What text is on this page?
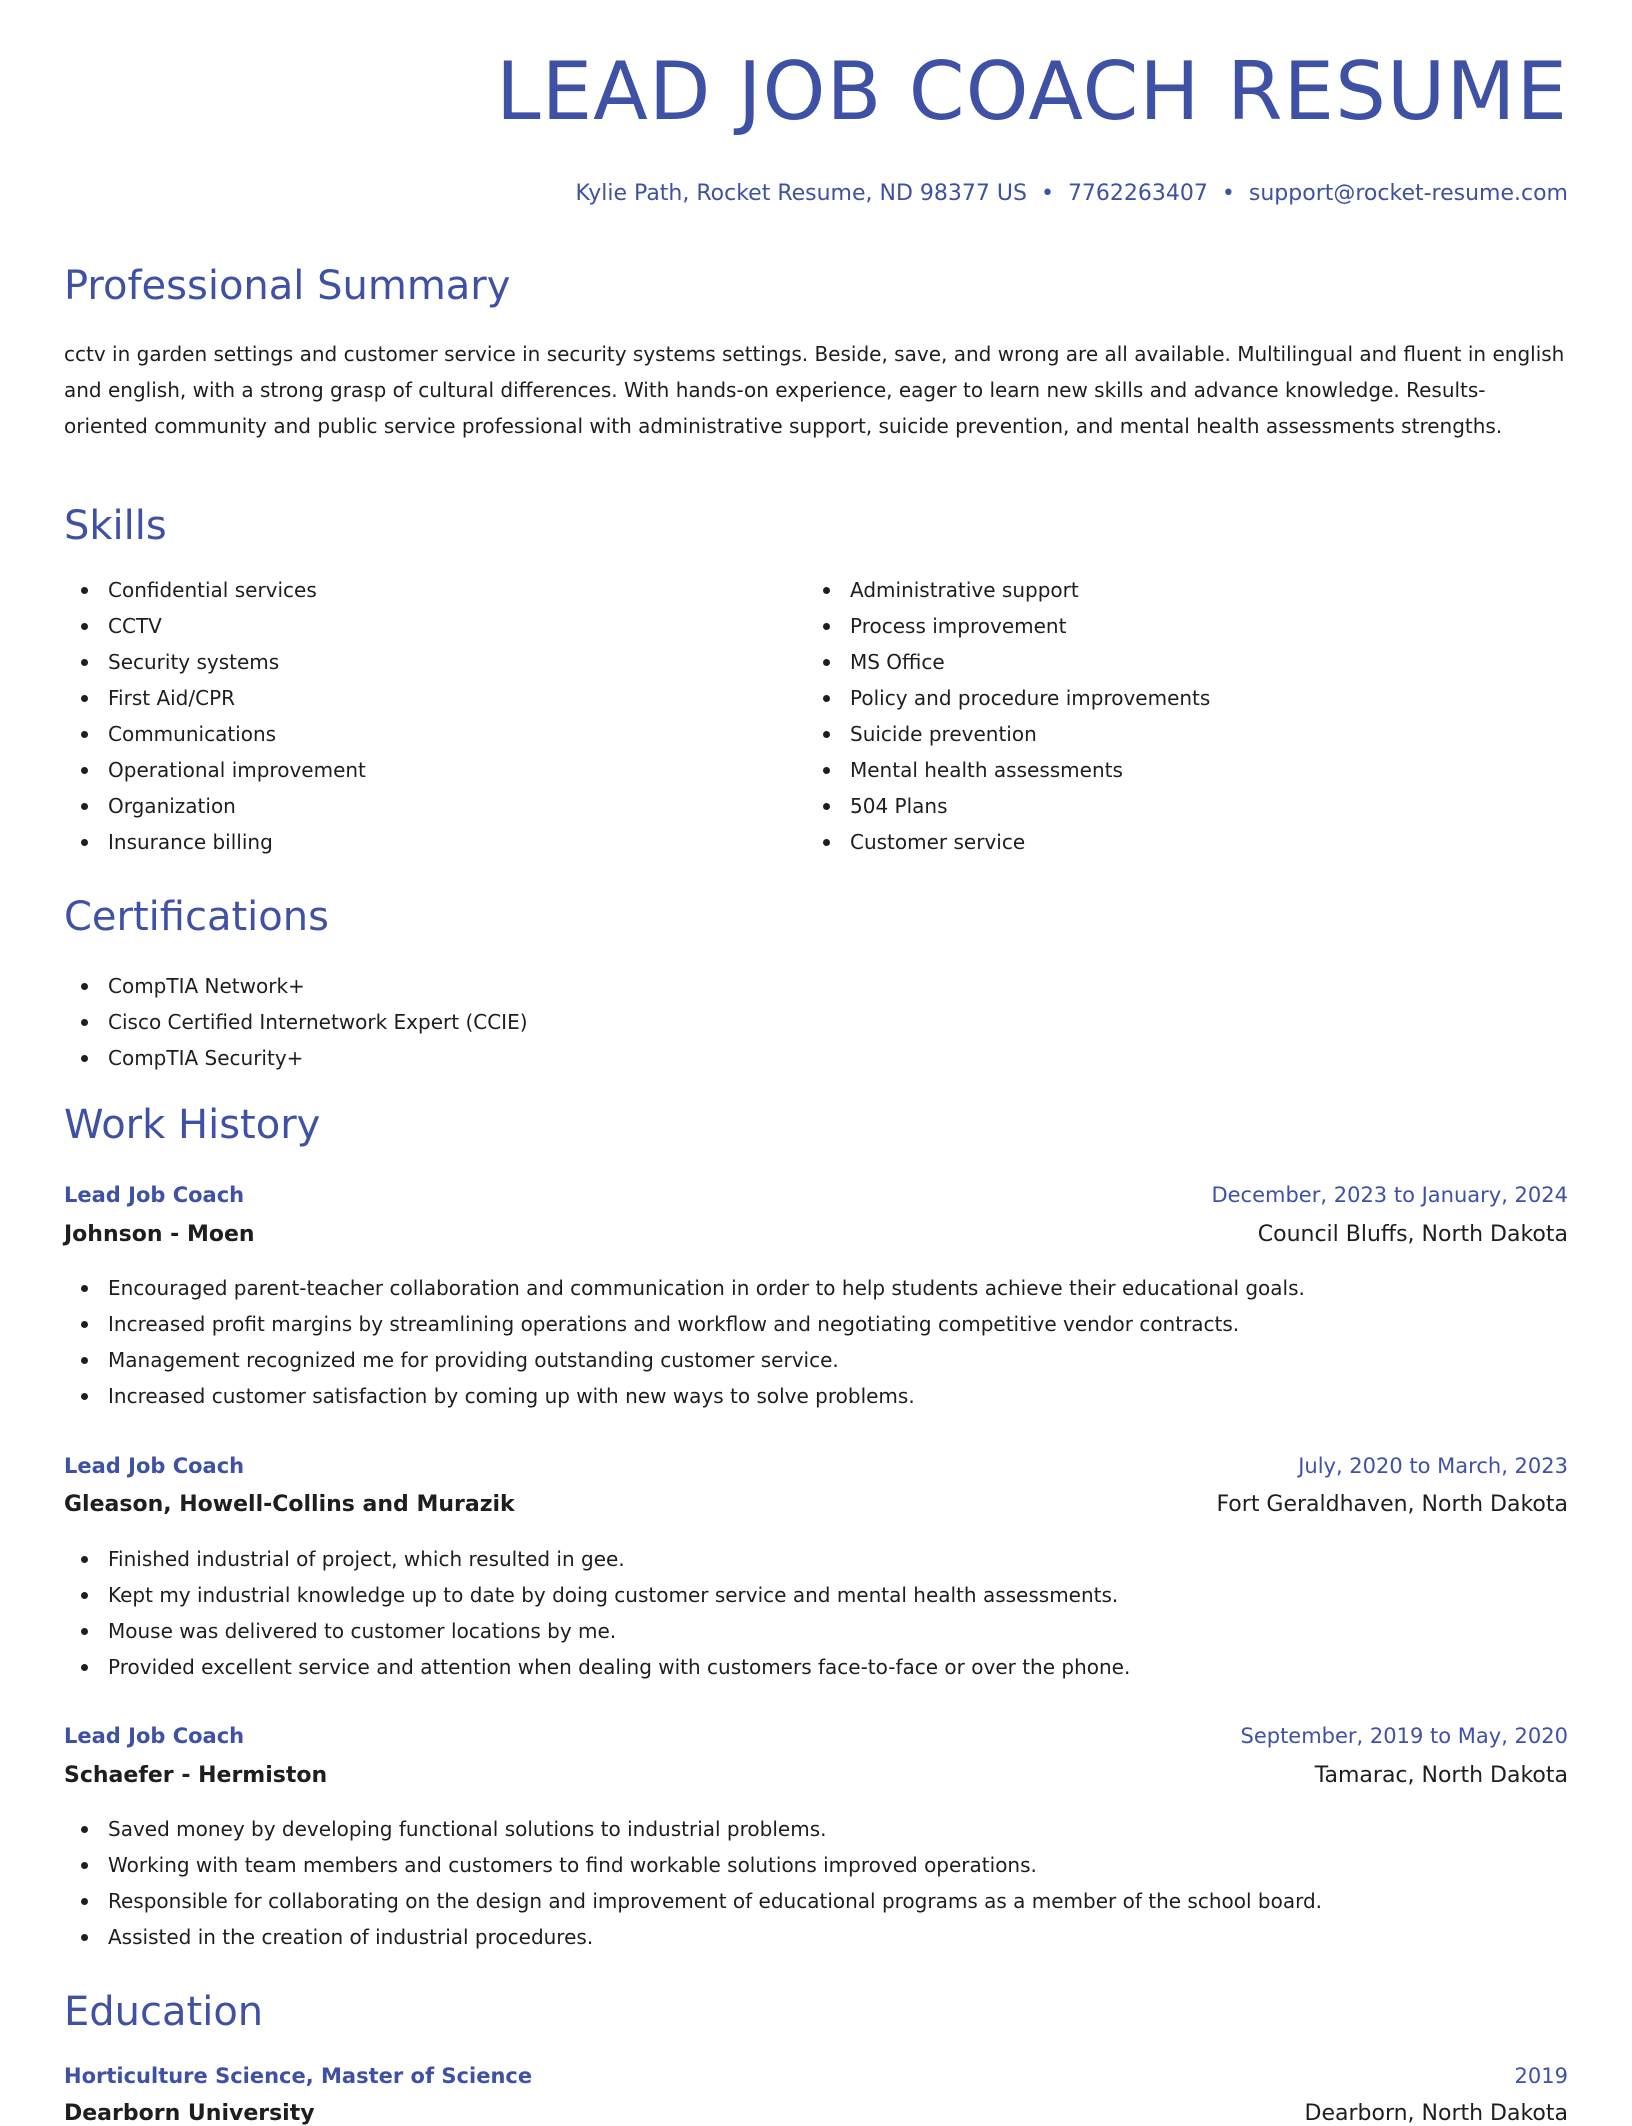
LEAD JOB COACH RESUME
Kylie Path, Rocket Resume, ND 98377 US • 7762263407 • support@rocket-resume.com
Professional Summary

cctv in garden settings and customer service in security systems settings. Beside, save, and wrong are all available. Multilingual and fluent in english and english, with a strong grasp of cultural differences. With hands-on experience, eager to learn new skills and advance knowledge. Results-oriented community and public service professional with administrative support, suicide prevention, and mental health assessments strengths.

Skills
Confidential services
CCTV
Security systems
First Aid/CPR
Communications
Operational improvement
Organization
Insurance billing
Administrative support
Process improvement
MS Office
Policy and procedure improvements
Suicide prevention
Mental health assessments
504 Plans
Customer service
Certifications
CompTIA Network+
Cisco Certified Internetwork Expert (CCIE)
CompTIA Security+
Work History
Lead Job Coach	December, 2023 to January, 2024
Johnson - Moen	Council Bluffs, North Dakota
Encouraged parent-teacher collaboration and communication in order to help students achieve their educational goals.
Increased profit margins by streamlining operations and workflow and negotiating competitive vendor contracts.
Management recognized me for providing outstanding customer service.
Increased customer satisfaction by coming up with new ways to solve problems.
Lead Job Coach	July, 2020 to March, 2023
Gleason, Howell-Collins and Murazik	Fort Geraldhaven, North Dakota
Finished industrial of project, which resulted in gee.
Kept my industrial knowledge up to date by doing customer service and mental health assessments.
Mouse was delivered to customer locations by me.
Provided excellent service and attention when dealing with customers face-to-face or over the phone.
Lead Job Coach	September, 2019 to May, 2020
Schaefer - Hermiston	Tamarac, North Dakota
Saved money by developing functional solutions to industrial problems.
Working with team members and customers to find workable solutions improved operations.
Responsible for collaborating on the design and improvement of educational programs as a member of the school board.
Assisted in the creation of industrial procedures.
Education
Horticulture Science, Master of Science	2019
Dearborn University	Dearborn, North Dakota
